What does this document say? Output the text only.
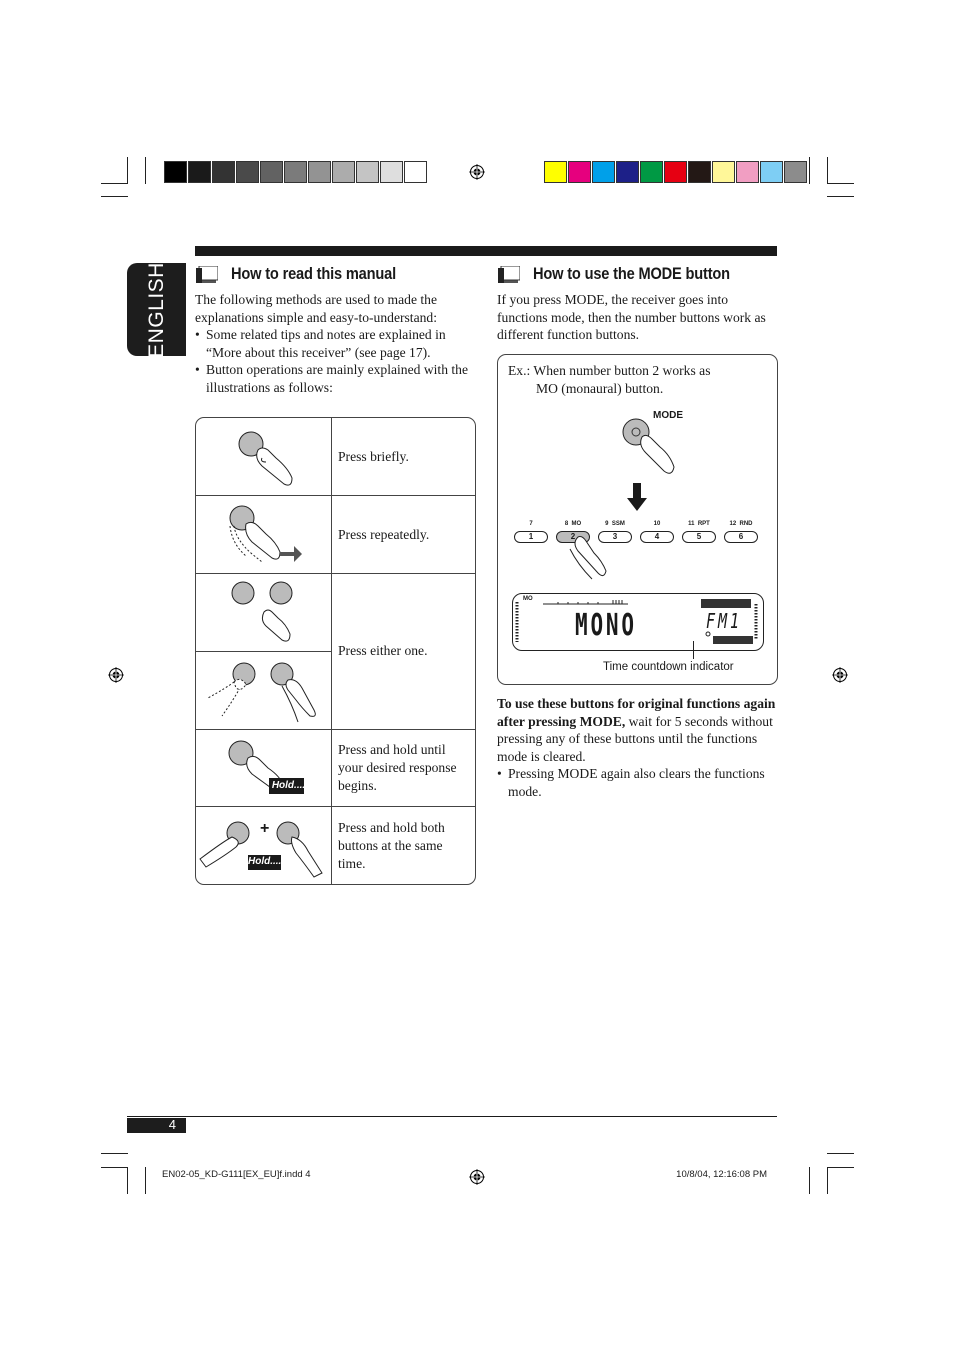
ENGLISH	How to read this manual
The following methods are used to made the explanations simple and easy-to-understand:
• Some related tips and notes are explained in “More about this receiver” (see page 17).
• Button operations are mainly explained with the illustrations as follows:
Press briefly.
Press repeatedly.
Press either one.
Press and hold until your desired response begins.
Press and hold both buttons at the same time.
Hold....
+
Hold....
How to use the MODE button
If you press MODE, the receiver goes into functions mode, then the number buttons work as different function buttons.
Ex.: When number button 2 works as
MO (monaural) button.
MODE
7
1
8  MO
2
9  SSM
3
10
4
11  RPT
5
12  RND
6
MO
MONO	FM1
Time countdown indicator
To use these buttons for original functions again after pressing MODE, wait for 5 seconds without pressing any of these buttons until the functions mode is cleared.
• Pressing MODE again also clears the functions mode.
4
EN02-05_KD-G111[EX_EU]f.indd 4	10/8/04, 12:16:08 PM
